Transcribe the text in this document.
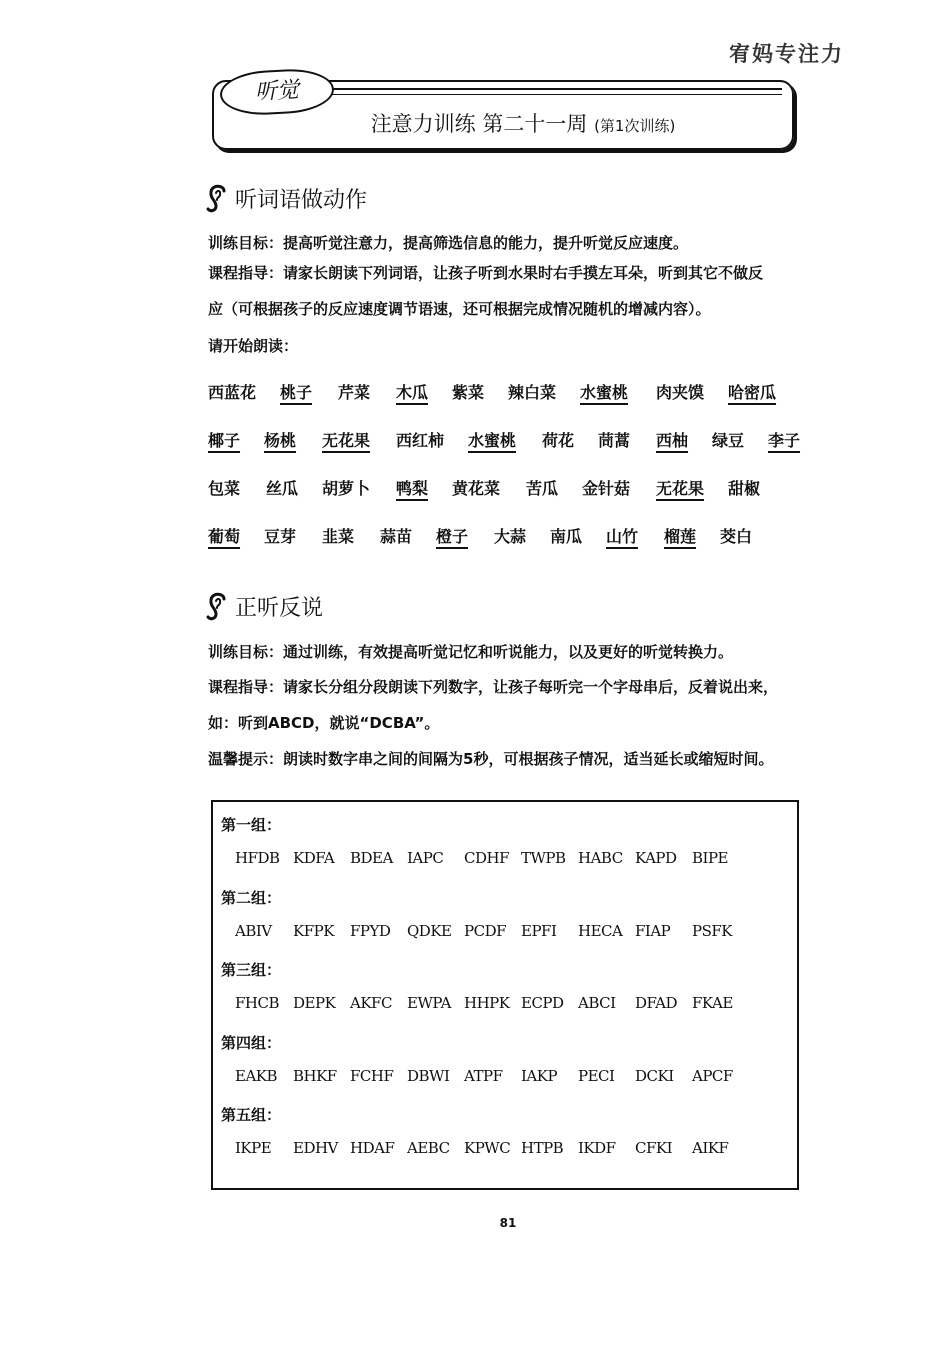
宥妈专注力
听觉
注意力训练 第二十一周 (第1次训练)
听词语做动作
训练目标：提高听觉注意力，提高筛选信息的能力，提升听觉反应速度。
课程指导：请家长朗读下列词语，让孩子听到水果时右手摸左耳朵，听到其它不做反
应（可根据孩子的反应速度调节语速，还可根据完成情况随机的增减内容）。
请开始朗读：
西蓝花 桃子 芹菜 木瓜 紫菜 辣白菜 水蜜桃 肉夹馍 哈密瓜
椰子 杨桃 无花果 西红柿 水蜜桃 荷花 茼蒿 西柚 绿豆 李子
包菜 丝瓜 胡萝卜 鸭梨 黄花菜 苦瓜 金针菇 无花果 甜椒
葡萄 豆芽 韭菜 蒜苗 橙子 大蒜 南瓜 山竹 榴莲 茭白
正听反说
训练目标：通过训练，有效提高听觉记忆和听说能力，以及更好的听觉转换力。
课程指导：请家长分组分段朗读下列数字，让孩子每听完一个字母串后，反着说出来，
如：听到ABCD，就说“DCBA”。
温馨提示：朗读时数字串之间的间隔为5秒，可根据孩子情况，适当延长或缩短时间。
第一组：
HFDB KDFA BDEA IAPC CDHF TWPB HABC KAPD BIPE
第二组：
ABIV KFPK FPYD QDKE PCDF EPFI HECA FIAP PSFK
第三组：
FHCB DEPK AKFC EWPA HHPK ECPD ABCI DFAD FKAE
第四组：
EAKB BHKF FCHF DBWI ATPF IAKP PECI DCKI APCF
第五组：
IKPE EDHV HDAF AEBC KPWC HTPB IKDF CFKI AIKF
81
